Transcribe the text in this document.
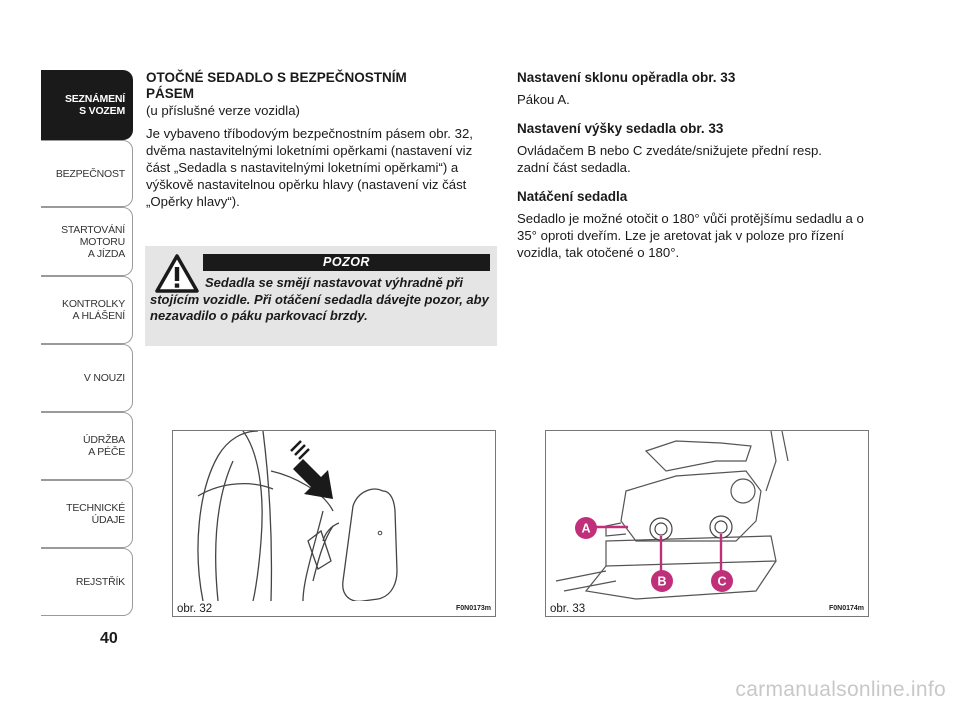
SEZNÁMENÍ
S VOZEM
BEZPEČNOST
STARTOVÁNÍ
MOTORU
A JÍZDA
KONTROLKY
A HLÁŠENÍ
V NOUZI
ÚDRŽBA
A PÉČE
TECHNICKÉ
ÚDAJE
REJSTŘÍK
40

OTOČNÉ SEDADLO S BEZPEČNOSTNÍM PÁSEM

(u příslušné verze vozidla)

Je vybaveno tříbodovým bezpečnostním pásem obr. 32, dvěma nastavitelnými loketními opěrkami (nastavení viz část „Sedadla s nastavitelnými loketními opěrkami“) a výškově nastavitelnou opěrku hlavy (nastavení viz část „Opěrky hlavy“).

POZOR
Sedadla se smějí nastavovat výhradně při stojícím vozidle. Při otáčení sedadla dávejte pozor, aby nezavadilo o páku parkovací brzdy.

Nastavení sklonu opěradla obr. 33

Pákou A.

Nastavení výšky sedadla obr. 33

Ovládačem B nebo C zvedáte/snižujete přední resp. zadní část sedadla.

Natáčení sedadla

Sedadlo je možné otočit o 180° vůči protějšímu sedadlu a o 35° oproti dveřím. Lze je aretovat jak v poloze pro řízení vozidla, tak otočené o 180°.

obr. 32	F0N0173m
A
B	C
obr. 33	F0N0174m
carmanualsonline.info
